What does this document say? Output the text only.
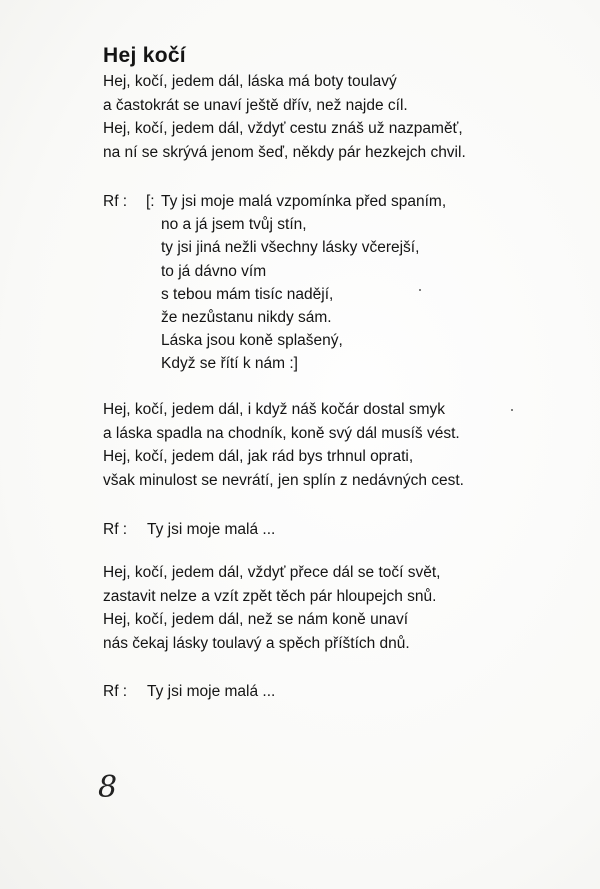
Hej kočí
Hej, kočí, jedem dál, láska má boty toulavý
a častokrát se unaví ještě dřív, než najde cíl.
Hej, kočí, jedem dál, vždyť cestu znáš už nazpaměť,
na ní se skrývá jenom šeď, někdy pár hezkejch chvil.
Rf : [: Ty jsi moje malá vzpomínka před spaním,
no a já jsem tvůj stín,
ty jsi jiná nežli všechny lásky včerejší,
to já dávno vím
s tebou mám tisíc nadějí,
že nezůstanu nikdy sám.
Láska jsou koně splašený,
Když se řítí k nám :]
Hej, kočí, jedem dál, i když náš kočár dostal smyk
a láska spadla na chodník, koně svý dál musíš vést.
Hej, kočí, jedem dál, jak rád bys trhnul oprati,
však minulost se nevrátí, jen splín z nedávných cest.
Rf : Ty jsi moje malá ...
Hej, kočí, jedem dál, vždyť přece dál se točí svět,
zastavit nelze a vzít zpět těch pár hloupejch snů.
Hej, kočí, jedem dál, než se nám koně unaví
nás čekaj lásky toulavý a spěch příštích dnů.
Rf : Ty jsi moje malá ...
8
